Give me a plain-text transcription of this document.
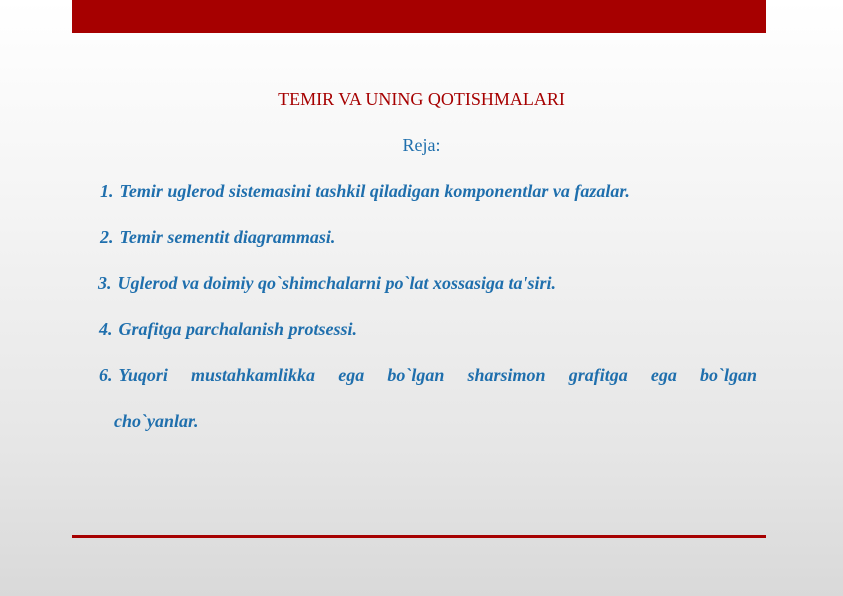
TEMIR VA UNING QOTISHMALARI
Reja:
1. Temir uglerod sistemasini tashkil qiladigan komponentlar va fazalar.
2. Temir sementit diagrammasi.
3. Uglerod va doimiy qo`shimchalarni po`lat xossasiga ta'siri.
4. Grafitga parchalanish protsessi.
6. Yuqori mustahkamlikka ega bo`lgan sharsimon grafitga ega bo`lgan
cho`yanlar.
